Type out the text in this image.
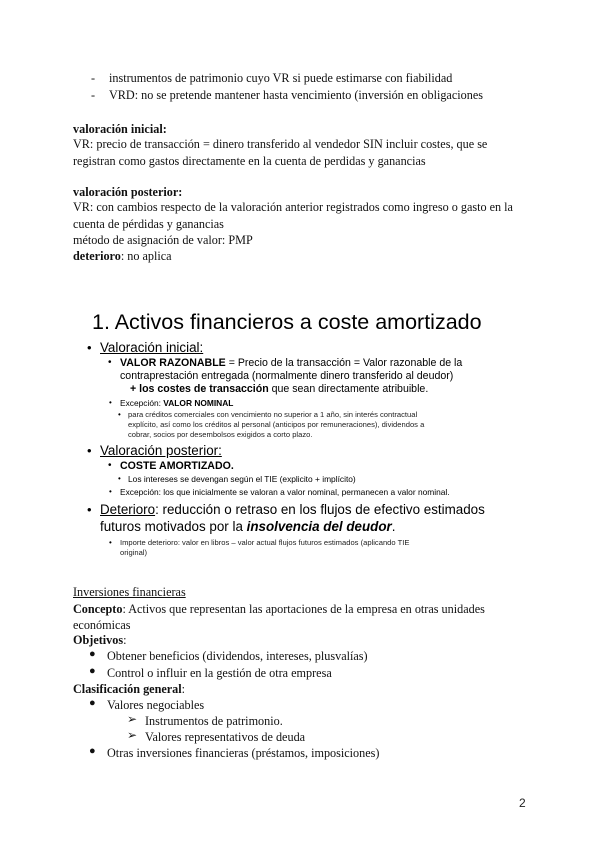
- instrumentos de patrimonio cuyo VR si puede estimarse con fiabilidad
- VRD: no se pretende mantener hasta vencimiento (inversión en obligaciones
valoración inicial:
VR: precio de transacción = dinero transferido al vendedor SIN incluir costes, que se
registran como gastos directamente en la cuenta de perdidas y ganancias
valoración posterior:
VR: con cambios respecto de la valoración anterior registrados como ingreso o gasto en la
cuenta de pérdidas y ganancias
método de asignación de valor: PMP
deterioro: no aplica
1. Activos financieros a coste amortizado
• Valoración inicial:
• VALOR RAZONABLE = Precio de la transacción = Valor razonable de la
contraprestación entregada (normalmente dinero transferido al deudor)
+ los costes de transacción que sean directamente atribuible.
• Excepción: VALOR NOMINAL
• para créditos comerciales con vencimiento no superior a 1 año, sin interés contractual
explícito, así como los créditos al personal (anticipos por remuneraciones), dividendos a
cobrar, socios por desembolsos exigidos a corto plazo.
• Valoración posterior:
• COSTE AMORTIZADO.
• Los intereses se devengan según el TIE (explicito + implícito)
• Excepción: los que inicialmente se valoran a valor nominal, permanecen a valor nominal.
• Deterioro: reducción o retraso en los flujos de efectivo estimados
futuros motivados por la insolvencia del deudor.
• Importe deterioro: valor en libros – valor actual flujos futuros estimados (aplicando TIE
original)
Inversiones financieras
Concepto: Activos que representan las aportaciones de la empresa en otras unidades
económicas
Objetivos:
● Obtener beneficios (dividendos, intereses, plusvalías)
● Control o influir en la gestión de otra empresa
Clasificación general:
● Valores negociables
➢ Instrumentos de patrimonio.
➢ Valores representativos de deuda
● Otras inversiones financieras (préstamos, imposiciones)
2
